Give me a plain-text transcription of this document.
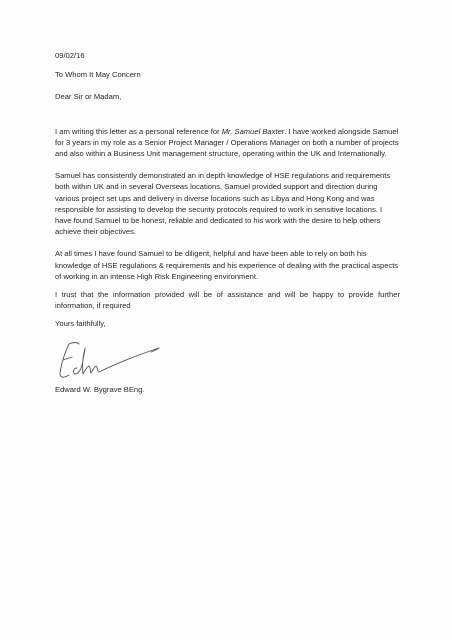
09/02/16

To Whom It May Concern

Dear Sir or Madam,

I am writing this letter as a personal reference for Mr. Samuel Baxter. I have worked alongside Samuel for 3 years in my role as a Senior Project Manager / Operations Manager on both a number of projects and also within a Business Unit management structure, operating within the UK and Internationally.

Samuel has consistently demonstrated an in depth knowledge of HSE regulations and requirements both within UK and in several Overseas locations. Samuel provided support and direction during various project set ups and delivery in diverse locations such as Libya and Hong Kong and was responsible for assisting to develop the security protocols required to work in sensitive locations. I have found Samuel to be honest, reliable and dedicated to his work with the desire to help others achieve their objectives.

At all times I have found Samuel to be diligent, helpful and have been able to rely on both his knowledge of HSE regulations & requirements and his experience of dealing with the practical aspects of working in an intense High Risk Engineering environment.

I trust that the information provided will be of assistance and will be happy to provide further information, if required

Yours faithfully,

Edward W. Bygrave BEng.
